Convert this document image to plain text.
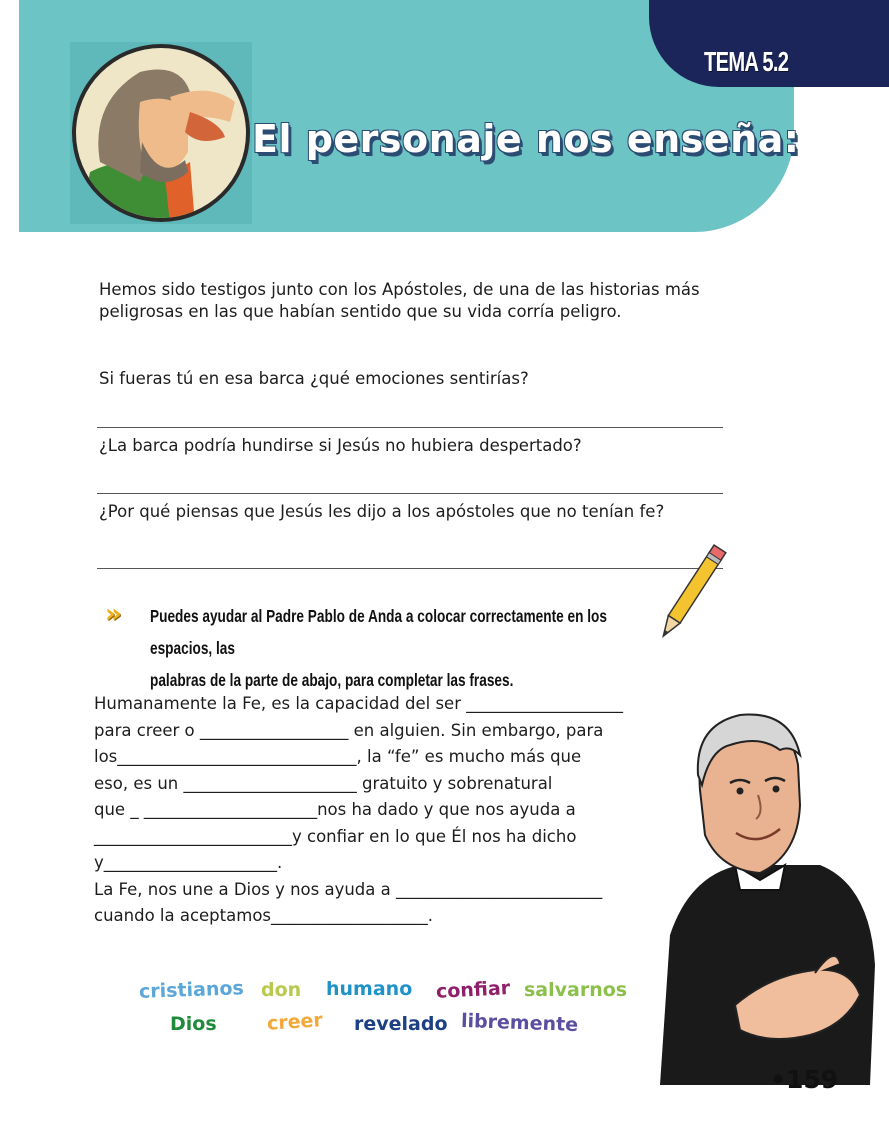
TEMA 5.2
El personaje nos enseña:
Hemos sido testigos junto con los Apóstoles, de una de las historias más
peligrosas en las que habían sentido que su vida corría peligro.
Si fueras tú en esa barca ¿qué emociones sentirías?
¿La barca podría hundirse si Jesús no hubiera despertado?
¿Por qué piensas que Jesús les dijo a los apóstoles que no tenían fe?
» Puedes ayudar al Padre Pablo de Anda a colocar correctamente en los espacios, las
palabras de la parte de abajo, para completar las frases.
Humanamente la Fe, es la capacidad del ser ___________________
para creer o __________________ en alguien. Sin embargo, para
los_____________________________, la “fe” es mucho más que
eso, es un _____________________ gratuito y sobrenatural
que _ _____________________nos ha dado y que nos ayuda a
________________________y confiar en lo que Él nos ha dicho
y_____________________.
La Fe, nos une a Dios y nos ayuda a _________________________
cuando la aceptamos___________________.
cristianos don humano confiar salvarnos
Dios	creer revelado libremente
•159
